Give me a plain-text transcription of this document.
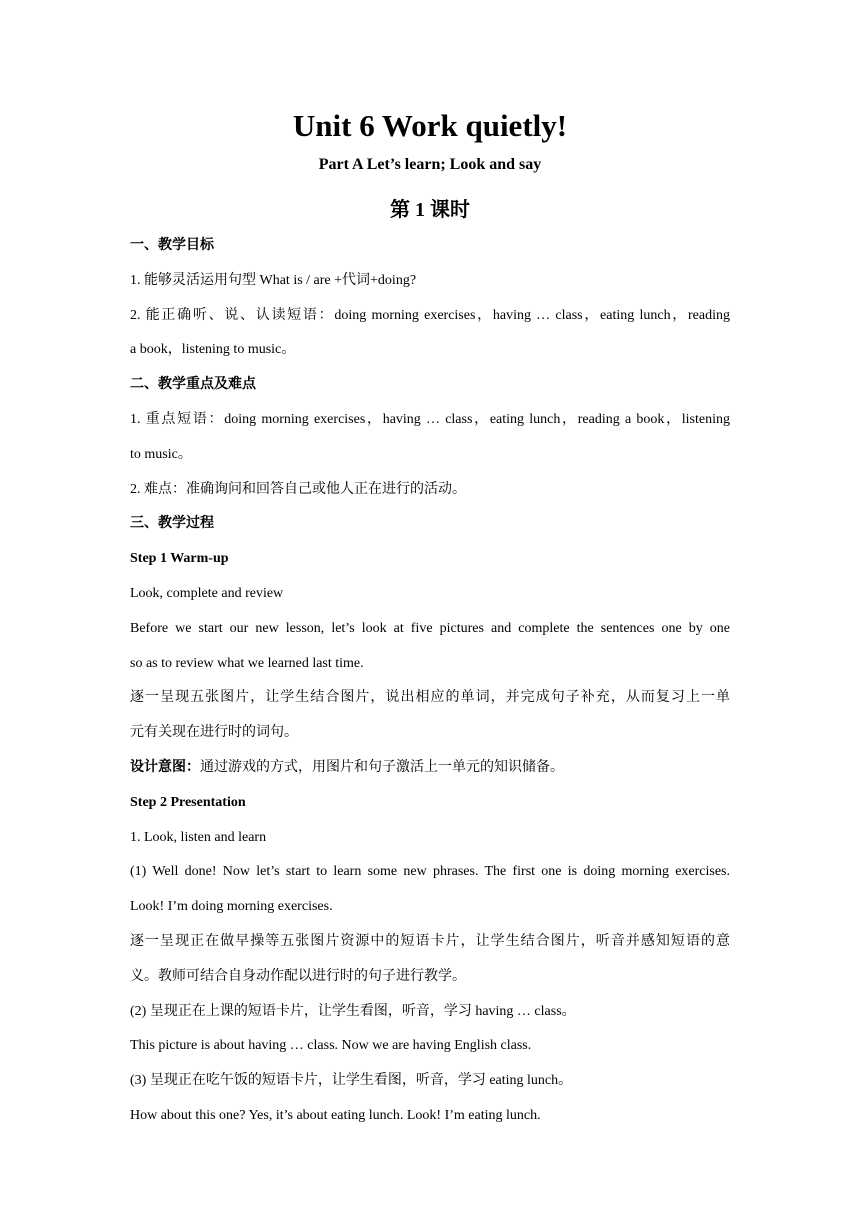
Unit 6 Work quietly!
Part A Let’s learn; Look and say
第 1 课时
一、教学目标
1. 能够灵活运用句型 What is / are +代词+doing?
2. 能正确听、说、认读短语：doing morning exercises，having … class，eating lunch，reading
a book，listening to music。
二、教学重点及难点
1. 重点短语：doing morning exercises，having … class，eating lunch，reading a book，listening
to music。
2. 难点：准确询问和回答自己或他人正在进行的活动。
三、教学过程
Step 1 Warm-up
Look, complete and review
Before we start our new lesson, let’s look at five pictures and complete the sentences one by one
so as to review what we learned last time.
逐一呈现五张图片，让学生结合图片，说出相应的单词，并完成句子补充，从而复习上一单
元有关现在进行时的词句。
设计意图：通过游戏的方式，用图片和句子激活上一单元的知识储备。
Step 2 Presentation
1. Look, listen and learn
(1) Well done! Now let’s start to learn some new phrases. The first one is doing morning exercises.
Look! I’m doing morning exercises.
逐一呈现正在做早操等五张图片资源中的短语卡片，让学生结合图片，听音并感知短语的意
义。教师可结合自身动作配以进行时的句子进行教学。
(2) 呈现正在上课的短语卡片，让学生看图，听音，学习 having … class。
This picture is about having … class. Now we are having English class.
(3) 呈现正在吃午饭的短语卡片，让学生看图，听音，学习 eating lunch。
How about this one? Yes, it’s about eating lunch. Look! I’m eating lunch.
